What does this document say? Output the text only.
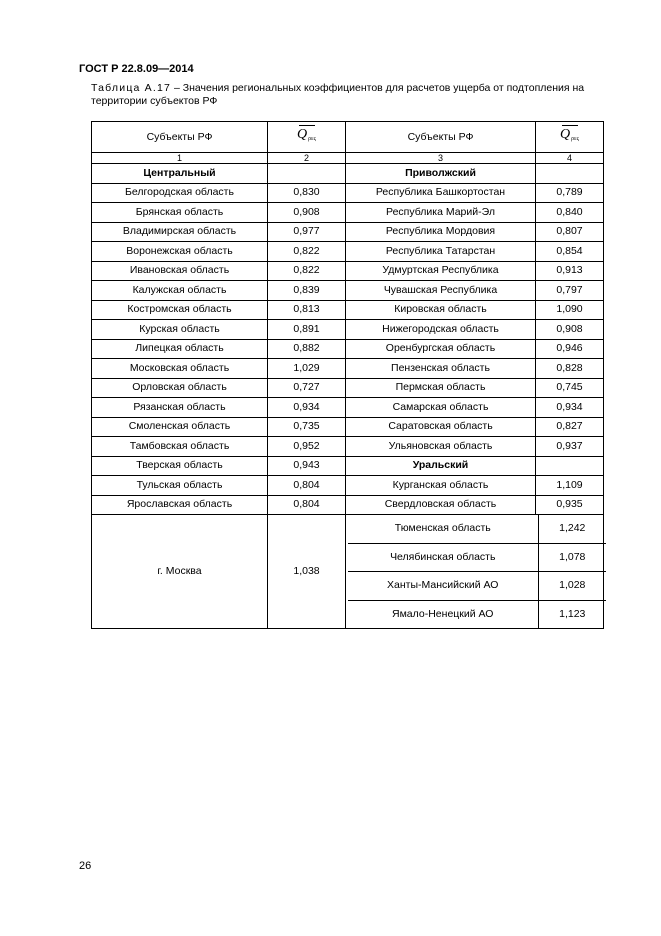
ГОСТ Р 22.8.09—2014
Таблица А.17 – Значения региональных коэффициентов для расчетов ущерба от подтопления на территории субъектов РФ
Субъекты РФ	$Q_{\rho\varepsilon\varsigma}$	Субъекты РФ	$Q_{\rho\varepsilon\varsigma}$
1	2	3	4
Центральный		Приволжский	
Белгородская область	0,830	Республика Башкортостан	0,789
Брянская область	0,908	Республика Марий-Эл	0,840
Владимирская область	0,977	Республика Мордовия	0,807
Воронежская область	0,822	Республика Татарстан	0,854
Ивановская область	0,822	Удмуртская Республика	0,913
Калужская область	0,839	Чувашская Республика	0,797
Костромская область	0,813	Кировская область	1,090
Курская область	0,891	Нижегородская область	0,908
Липецкая область	0,882	Оренбургская область	0,946
Московская область	1,029	Пензенская область	0,828
Орловская область	0,727	Пермская область	0,745
Рязанская область	0,934	Самарская область	0,934
Смоленская область	0,735	Саратовская область	0,827
Тамбовская область	0,952	Ульяновская область	0,937
Тверская область	0,943	Уральский	
Тульская область	0,804	Курганская область	1,109
Ярославская область	0,804	Свердловская область	0,935
г. Москва	1,038	
Тюменская область	1,242
Челябинская область	1,078
Ханты-Мансийский АО	1,028
Ямало-Ненецкий АО	1,123
26
